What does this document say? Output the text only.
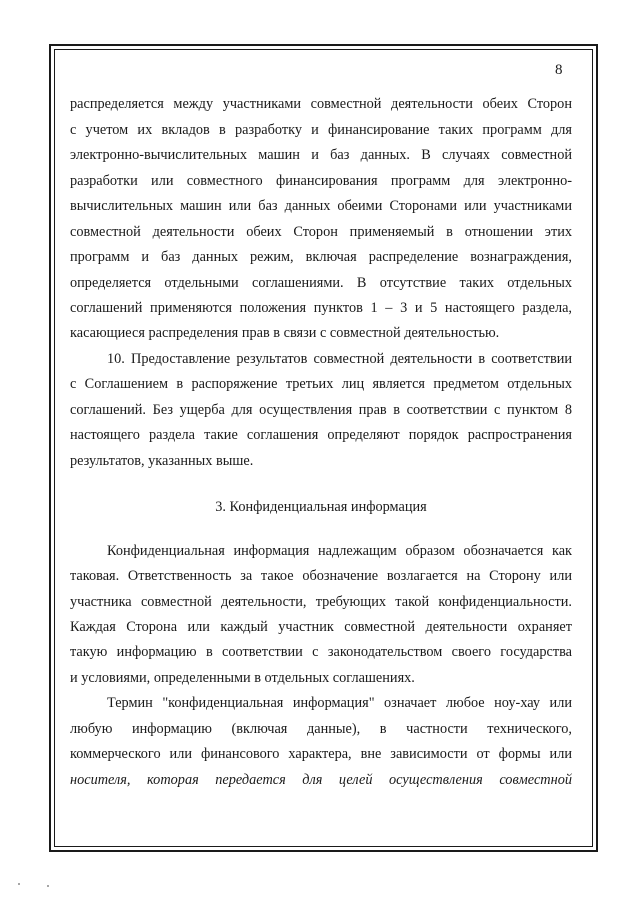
8
распределяется между участниками совместной деятельности обеих Сторон
с учетом их вкладов в разработку и финансирование таких программ для
электронно-вычислительных машин и баз данных. В случаях совместной
разработки или совместного финансирования программ для электронно-
вычислительных машин или баз данных обеими Сторонами или участниками
совместной деятельности обеих Сторон применяемый в отношении этих
программ и баз данных режим, включая распределение вознаграждения,
определяется отдельными соглашениями. В отсутствие таких отдельных
соглашений применяются положения пунктов 1 – 3 и 5 настоящего раздела,
касающиеся распределения прав в связи с совместной деятельностью.
10. Предоставление результатов совместной деятельности в соответствии
с Соглашением в распоряжение третьих лиц является предметом отдельных
соглашений. Без ущерба для осуществления прав в соответствии с пунктом 8
настоящего раздела такие соглашения определяют порядок распространения
результатов, указанных выше.
3. Конфиденциальная информация
Конфиденциальная информация надлежащим образом обозначается как
таковая. Ответственность за такое обозначение возлагается на Сторону или
участника совместной деятельности, требующих такой конфиденциальности.
Каждая Сторона или каждый участник совместной деятельности охраняет
такую информацию в соответствии с законодательством своего государства
и условиями, определенными в отдельных соглашениях.
Термин "конфиденциальная информация" означает любое ноу-хау или
любую информацию (включая данные), в частности технического,
коммерческого или финансового характера, вне зависимости от формы или
носителя, которая передается для целей осуществления совместной
